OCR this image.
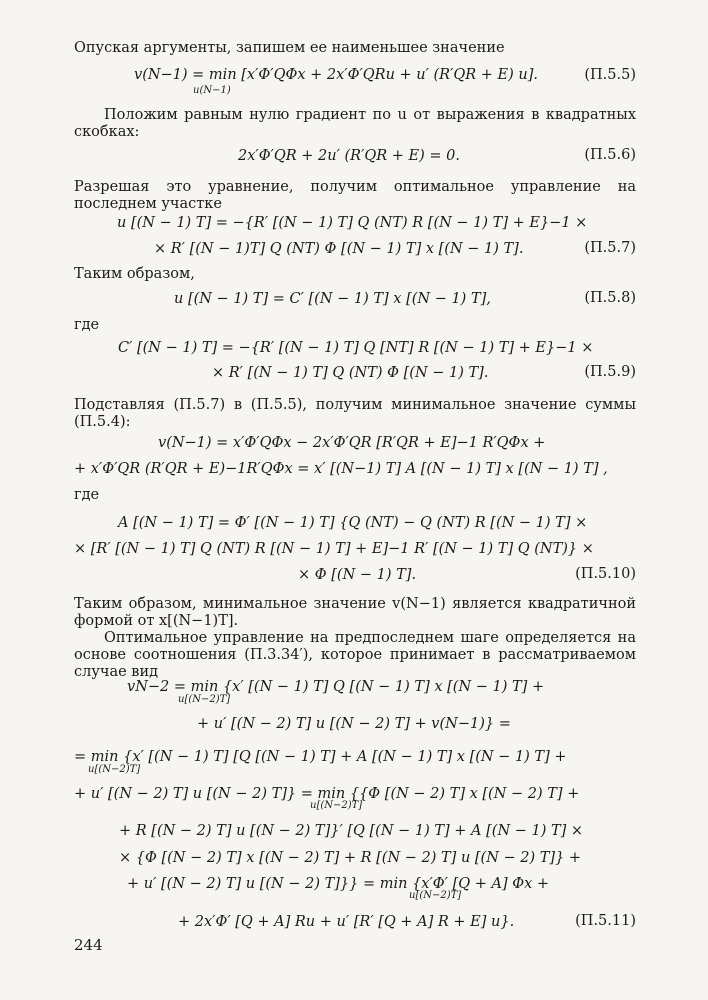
Опуская аргументы, запишем ее наименьшее значение

v(N−1) = min [x′Φ′QΦx + 2x′Φ′QRu + u′ (R′QR + E) u].
u(N−1)
(П.5.5)

Положим равным нулю градиент по u от выражения в квадратных скобках:

2x′Φ′QR + 2u′ (R′QR + E) = 0.	(П.5.6)

Разрешая это уравнение, получим оптимальное управление на последнем участке

u [(N − 1) T] = −{R′ [(N − 1) T] Q (NT) R [(N − 1) T] + E}−1 ×
× R′ [(N − 1)T] Q (NT) Φ [(N − 1) T] x [(N − 1) T].	(П.5.7)

Таким образом,

u [(N − 1) T] = C′ [(N − 1) T] x [(N − 1) T],	(П.5.8)

где

C′ [(N − 1) T] = −{R′ [(N − 1) T] Q [NT] R [(N − 1) T] + E}−1 ×
× R′ [(N − 1) T] Q (NT) Φ [(N − 1) T].	(П.5.9)

Подставляя (П.5.7) в (П.5.5), получим минимальное значение суммы (П.5.4):

v(N−1) = x′Φ′QΦx − 2x′Φ′QR [R′QR + E]−1 R′QΦx +
+ x′Φ′QR (R′QR + E)−1R′QΦx = x′ [(N−1) T] A [(N − 1) T] x [(N − 1) T] ,

где

A [(N − 1) T] = Φ′ [(N − 1) T] {Q (NT) − Q (NT) R [(N − 1) T] ×
× [R′ [(N − 1) T] Q (NT) R [(N − 1) T] + E]−1 R′ [(N − 1) T] Q (NT)} ×
× Φ [(N − 1) T].	(П.5.10)

Таким образом, минимальное значение v(N−1) является квадратичной формой от x[(N−1)T].

Оптимальное управление на предпоследнем шаге определяется на основе соотношения (П.3.34′), которое принимает в рассматриваемом случае вид

vN−2 = min {x′ [(N − 1) T] Q [(N − 1) T] x [(N − 1) T] +
u[(N−2)T]
+ u′ [(N − 2) T] u [(N − 2) T] + v(N−1)} =
= min {x′ [(N − 1) T] [Q [(N − 1) T] + A [(N − 1) T] x [(N − 1) T] +
u[(N−2)T]
+ u′ [(N − 2) T] u [(N − 2) T]} = min {{Φ [(N − 2) T] x [(N − 2) T] +
u[(N−2)T]
+ R [(N − 2) T] u [(N − 2) T]}′ [Q [(N − 1) T] + A [(N − 1) T] ×
× {Φ [(N − 2) T] x [(N − 2) T] + R [(N − 2) T] u [(N − 2) T]} +
+ u′ [(N − 2) T] u [(N − 2) T]}} = min {x′Φ′ [Q + A] Φx +
u[(N−2)T]
+ 2x′Φ′ [Q + A] Ru + u′ [R′ [Q + A] R + E] u}.	(П.5.11)
244
